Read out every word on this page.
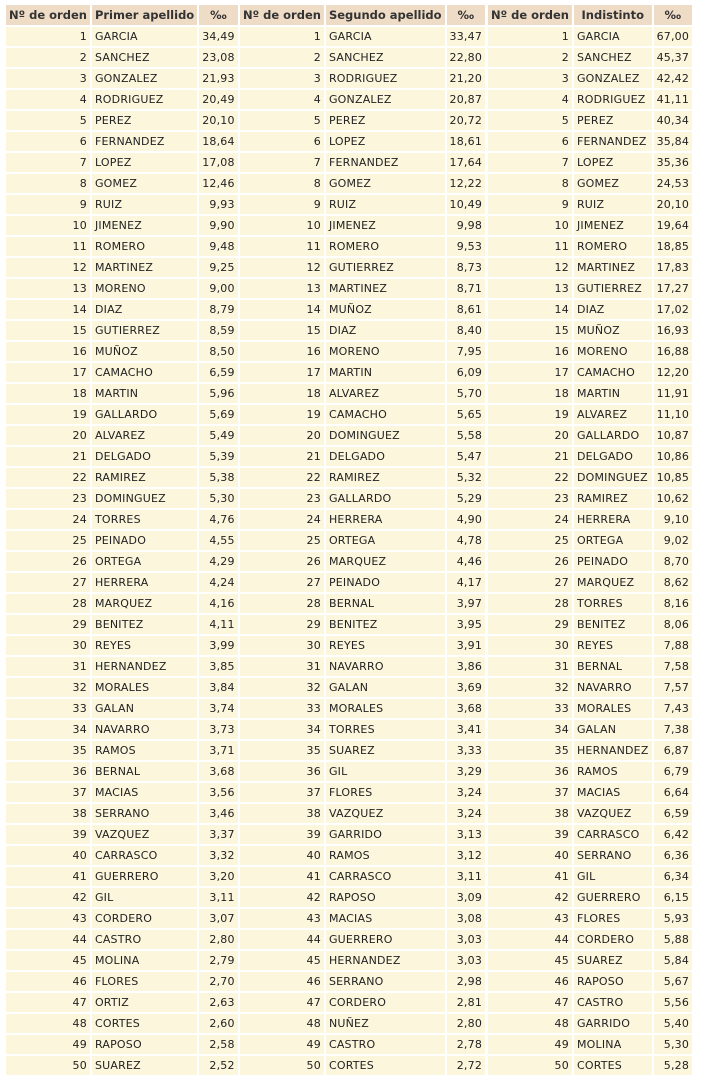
Nº de orden	Primer apellido	‰
1	GARCIA	34,49
2	SANCHEZ	23,08
3	GONZALEZ	21,93
4	RODRIGUEZ	20,49
5	PEREZ	20,10
6	FERNANDEZ	18,64
7	LOPEZ	17,08
8	GOMEZ	12,46
9	RUIZ	9,93
10	JIMENEZ	9,90
11	ROMERO	9,48
12	MARTINEZ	9,25
13	MORENO	9,00
14	DIAZ	8,79
15	GUTIERREZ	8,59
16	MUÑOZ	8,50
17	CAMACHO	6,59
18	MARTIN	5,96
19	GALLARDO	5,69
20	ALVAREZ	5,49
21	DELGADO	5,39
22	RAMIREZ	5,38
23	DOMINGUEZ	5,30
24	TORRES	4,76
25	PEINADO	4,55
26	ORTEGA	4,29
27	HERRERA	4,24
28	MARQUEZ	4,16
29	BENITEZ	4,11
30	REYES	3,99
31	HERNANDEZ	3,85
32	MORALES	3,84
33	GALAN	3,74
34	NAVARRO	3,73
35	RAMOS	3,71
36	BERNAL	3,68
37	MACIAS	3,56
38	SERRANO	3,46
39	VAZQUEZ	3,37
40	CARRASCO	3,32
41	GUERRERO	3,20
42	GIL	3,11
43	CORDERO	3,07
44	CASTRO	2,80
45	MOLINA	2,79
46	FLORES	2,70
47	ORTIZ	2,63
48	CORTES	2,60
49	RAPOSO	2,58
50	SUAREZ	2,52
Nº de orden	Segundo apellido	‰
1	GARCIA	33,47
2	SANCHEZ	22,80
3	RODRIGUEZ	21,20
4	GONZALEZ	20,87
5	PEREZ	20,72
6	LOPEZ	18,61
7	FERNANDEZ	17,64
8	GOMEZ	12,22
9	RUIZ	10,49
10	JIMENEZ	9,98
11	ROMERO	9,53
12	GUTIERREZ	8,73
13	MARTINEZ	8,71
14	MUÑOZ	8,61
15	DIAZ	8,40
16	MORENO	7,95
17	MARTIN	6,09
18	ALVAREZ	5,70
19	CAMACHO	5,65
20	DOMINGUEZ	5,58
21	DELGADO	5,47
22	RAMIREZ	5,32
23	GALLARDO	5,29
24	HERRERA	4,90
25	ORTEGA	4,78
26	MARQUEZ	4,46
27	PEINADO	4,17
28	BERNAL	3,97
29	BENITEZ	3,95
30	REYES	3,91
31	NAVARRO	3,86
32	GALAN	3,69
33	MORALES	3,68
34	TORRES	3,41
35	SUAREZ	3,33
36	GIL	3,29
37	FLORES	3,24
38	VAZQUEZ	3,24
39	GARRIDO	3,13
40	RAMOS	3,12
41	CARRASCO	3,11
42	RAPOSO	3,09
43	MACIAS	3,08
44	GUERRERO	3,03
45	HERNANDEZ	3,03
46	SERRANO	2,98
47	CORDERO	2,81
48	NUÑEZ	2,80
49	CASTRO	2,78
50	CORTES	2,72
Nº de orden	Indistinto	‰
1	GARCIA	67,00
2	SANCHEZ	45,37
3	GONZALEZ	42,42
4	RODRIGUEZ	41,11
5	PEREZ	40,34
6	FERNANDEZ	35,84
7	LOPEZ	35,36
8	GOMEZ	24,53
9	RUIZ	20,10
10	JIMENEZ	19,64
11	ROMERO	18,85
12	MARTINEZ	17,83
13	GUTIERREZ	17,27
14	DIAZ	17,02
15	MUÑOZ	16,93
16	MORENO	16,88
17	CAMACHO	12,20
18	MARTIN	11,91
19	ALVAREZ	11,10
20	GALLARDO	10,87
21	DELGADO	10,86
22	DOMINGUEZ	10,85
23	RAMIREZ	10,62
24	HERRERA	9,10
25	ORTEGA	9,02
26	PEINADO	8,70
27	MARQUEZ	8,62
28	TORRES	8,16
29	BENITEZ	8,06
30	REYES	7,88
31	BERNAL	7,58
32	NAVARRO	7,57
33	MORALES	7,43
34	GALAN	7,38
35	HERNANDEZ	6,87
36	RAMOS	6,79
37	MACIAS	6,64
38	VAZQUEZ	6,59
39	CARRASCO	6,42
40	SERRANO	6,36
41	GIL	6,34
42	GUERRERO	6,15
43	FLORES	5,93
44	CORDERO	5,88
45	SUAREZ	5,84
46	RAPOSO	5,67
47	CASTRO	5,56
48	GARRIDO	5,40
49	MOLINA	5,30
50	CORTES	5,28
